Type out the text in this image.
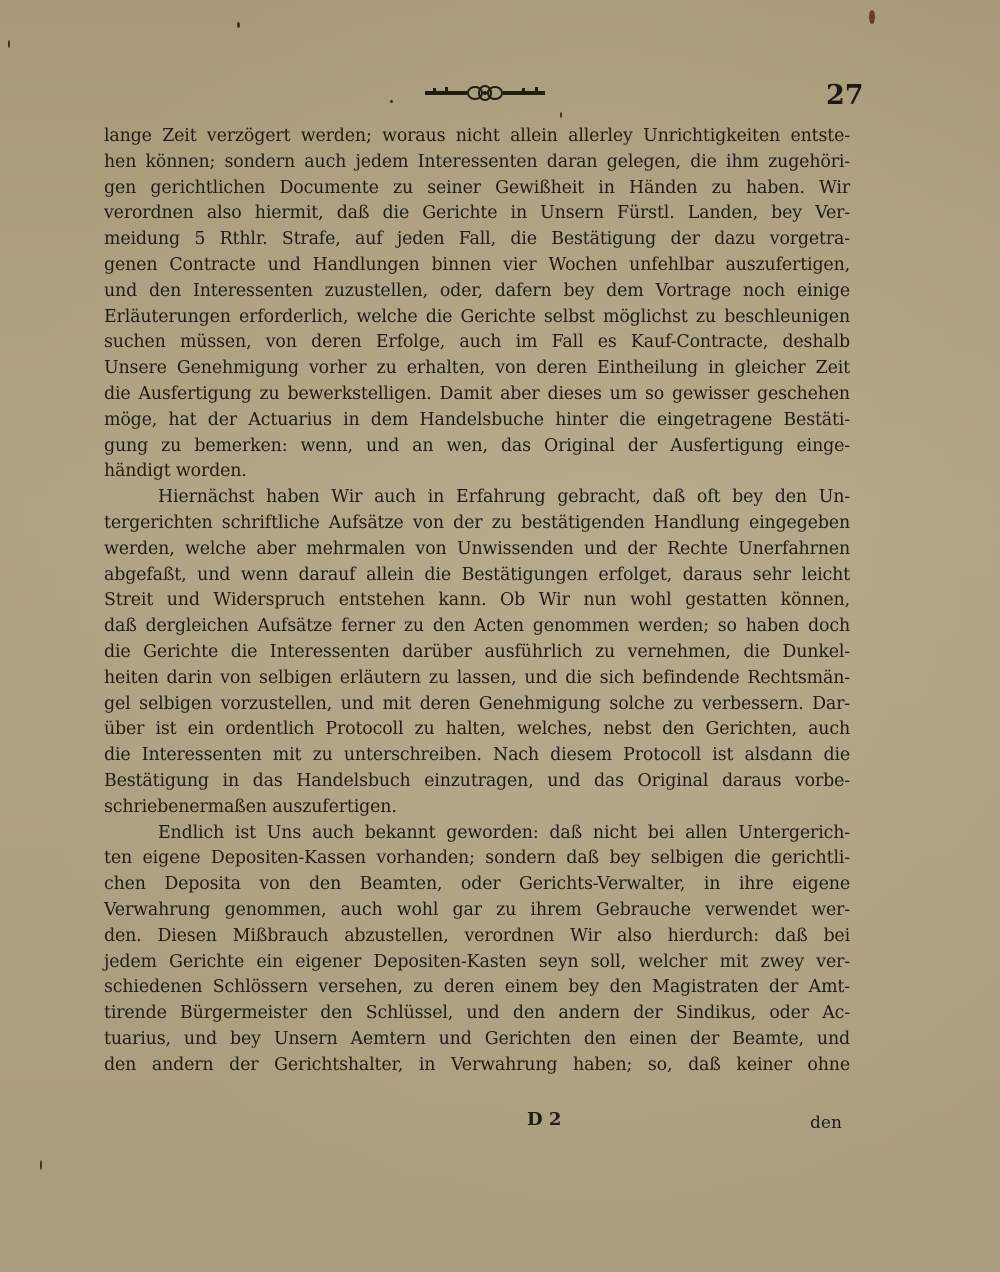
27
lange Zeit verzögert werden; woraus nicht allein allerley Unrichtigkeiten entste-
hen können; sondern auch jedem Interessenten daran gelegen, die ihm zugehöri-
gen gerichtlichen Documente zu seiner Gewißheit in Händen zu haben. Wir
verordnen also hiermit, daß die Gerichte in Unsern Fürstl. Landen, bey Ver-
meidung 5 Rthlr. Strafe, auf jeden Fall, die Bestätigung der dazu vorgetra-
genen Contracte und Handlungen binnen vier Wochen unfehlbar auszufertigen,
und den Interessenten zuzustellen, oder, dafern bey dem Vortrage noch einige
Erläuterungen erforderlich, welche die Gerichte selbst möglichst zu beschleunigen
suchen müssen, von deren Erfolge, auch im Fall es Kauf-Contracte, deshalb
Unsere Genehmigung vorher zu erhalten, von deren Eintheilung in gleicher Zeit
die Ausfertigung zu bewerkstelligen. Damit aber dieses um so gewisser geschehen
möge, hat der Actuarius in dem Handelsbuche hinter die eingetragene Bestäti-
gung zu bemerken: wenn, und an wen, das Original der Ausfertigung einge-
händigt worden.
Hiernächst haben Wir auch in Erfahrung gebracht, daß oft bey den Un-
tergerichten schriftliche Aufsätze von der zu bestätigenden Handlung eingegeben
werden, welche aber mehrmalen von Unwissenden und der Rechte Unerfahrnen
abgefaßt, und wenn darauf allein die Bestätigungen erfolget, daraus sehr leicht
Streit und Widerspruch entstehen kann. Ob Wir nun wohl gestatten können,
daß dergleichen Aufsätze ferner zu den Acten genommen werden; so haben doch
die Gerichte die Interessenten darüber ausführlich zu vernehmen, die Dunkel-
heiten darin von selbigen erläutern zu lassen, und die sich befindende Rechtsmän-
gel selbigen vorzustellen, und mit deren Genehmigung solche zu verbessern. Dar-
über ist ein ordentlich Protocoll zu halten, welches, nebst den Gerichten, auch
die Interessenten mit zu unterschreiben. Nach diesem Protocoll ist alsdann die
Bestätigung in das Handelsbuch einzutragen, und das Original daraus vorbe-
schriebenermaßen auszufertigen.
Endlich ist Uns auch bekannt geworden: daß nicht bei allen Untergerich-
ten eigene Depositen-Kassen vorhanden; sondern daß bey selbigen die gerichtli-
chen Deposita von den Beamten, oder Gerichts-Verwalter, in ihre eigene
Verwahrung genommen, auch wohl gar zu ihrem Gebrauche verwendet wer-
den. Diesen Mißbrauch abzustellen, verordnen Wir also hierdurch: daß bei
jedem Gerichte ein eigener Depositen-Kasten seyn soll, welcher mit zwey ver-
schiedenen Schlössern versehen, zu deren einem bey den Magistraten der Amt-
tirende Bürgermeister den Schlüssel, und den andern der Sindikus, oder Ac-
tuarius, und bey Unsern Aemtern und Gerichten den einen der Beamte, und
den andern der Gerichtshalter, in Verwahrung haben; so, daß keiner ohne
D 2	den
